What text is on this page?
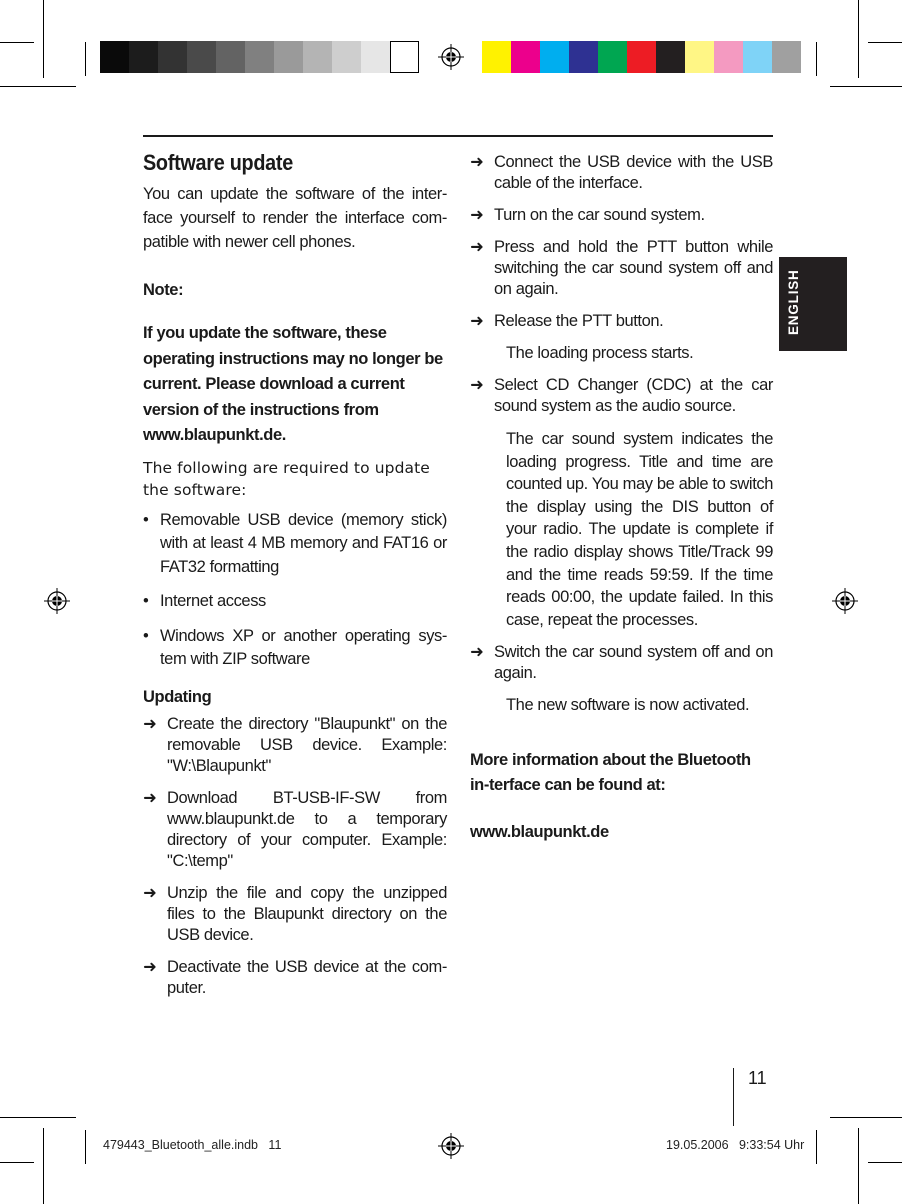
ENGLISH
Software update
You can update the software of the inter-face yourself to render the interface com-patible with newer cell phones.
Note:
If you update the software, these operating instructions may no longer be current. Please download a current version of the instructions from www.blaupunkt.de.
The following are required to update the software:
• Removable USB device (memory stick) with at least 4 MB memory and FAT16 or FAT32 formatting
• Internet access
• Windows XP or another operating sys-tem with ZIP software
Updating
➜ Create the directory "Blaupunkt" on the removable USB device. Example: "W:\Blaupunkt"
➜ Download BT-USB-IF-SW from www.blaupunkt.de to a temporary directory of your computer. Example: "C:\temp"
➜ Unzip the file and copy the unzipped files to the Blaupunkt directory on the USB device.
➜ Deactivate the USB device at the com-puter.
➜ Connect the USB device with the USB cable of the interface.
➜ Turn on the car sound system.
➜ Press and hold the PTT button while switching the car sound system off and on again.
➜ Release the PTT button.
The loading process starts.
➜ Select CD Changer (CDC) at the car sound system as the audio source.
The car sound system indicates the loading progress. Title and time are counted up. You may be able to switch the display using the DIS button of your radio. The update is complete if the radio display shows Title/Track 99 and the time reads 59:59. If the time reads 00:00, the update failed. In this case, repeat the processes.
➜ Switch the car sound system off and on again.
The new software is now activated.
More information about the Bluetooth in-terface can be found at:
www.blaupunkt.de
11
479443_Bluetooth_alle.indb   11	19.05.2006   9:33:54 Uhr
